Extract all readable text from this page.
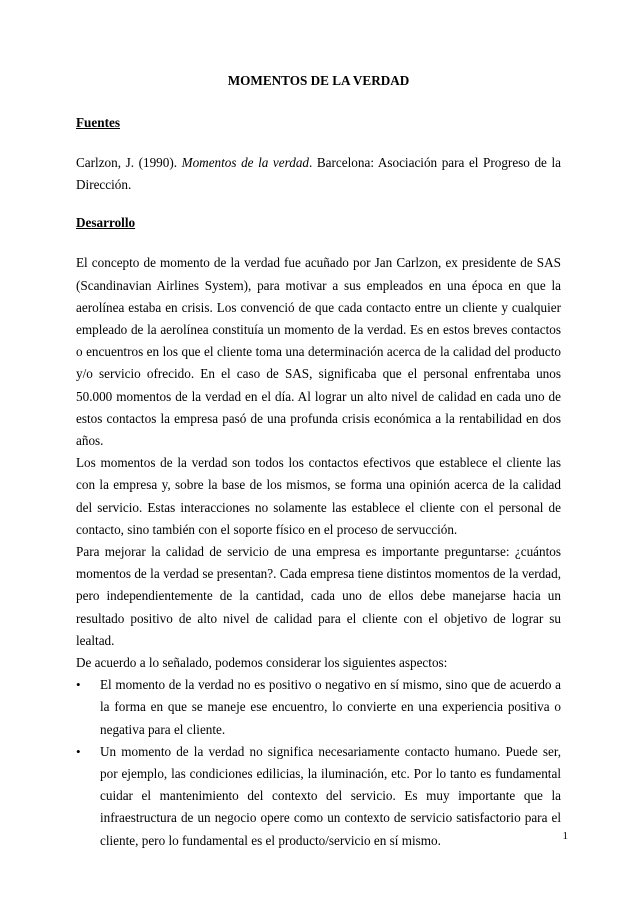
MOMENTOS DE LA VERDAD
Fuentes

Carlzon, J. (1990). Momentos de la verdad. Barcelona: Asociación para el Progreso de la Dirección.

Desarrollo

El concepto de momento de la verdad fue acuñado por Jan Carlzon, ex presidente de SAS (Scandinavian Airlines System), para motivar a sus empleados en una época en que la aerolínea estaba en crisis. Los convenció de que cada contacto entre un cliente y cualquier empleado de la aerolínea constituía un momento de la verdad. Es en estos breves contactos o encuentros en los que el cliente toma una determinación acerca de la calidad del producto y/o servicio ofrecido. En el caso de SAS, significaba que el personal enfrentaba unos 50.000 momentos de la verdad en el día. Al lograr un alto nivel de calidad en cada uno de estos contactos la empresa pasó de una profunda crisis económica a la rentabilidad en dos años.

Los momentos de la verdad son todos los contactos efectivos que establece el cliente las con la empresa y, sobre la base de los mismos, se forma una opinión acerca de la calidad del servicio. Estas interacciones no solamente las establece el cliente con el personal de contacto, sino también con el soporte físico en el proceso de servucción.

Para mejorar la calidad de servicio de una empresa es importante preguntarse: ¿cuántos momentos de la verdad se presentan?. Cada empresa tiene distintos momentos de la verdad, pero independientemente de la cantidad, cada uno de ellos debe manejarse hacia un resultado positivo de alto nivel de calidad para el cliente con el objetivo de lograr su lealtad.

De acuerdo a lo señalado, podemos considerar los siguientes aspectos:

•	El momento de la verdad no es positivo o negativo en sí mismo, sino que de acuerdo a la forma en que se maneje ese encuentro, lo convierte en una experiencia positiva o negativa para el cliente.
•	Un momento de la verdad no significa necesariamente contacto humano. Puede ser, por ejemplo, las condiciones edilicias, la iluminación, etc. Por lo tanto es fundamental cuidar el mantenimiento del contexto del servicio. Es muy importante que la infraestructura de un negocio opere como un contexto de servicio satisfactorio para el cliente, pero lo fundamental es el producto/servicio en sí mismo.	1
